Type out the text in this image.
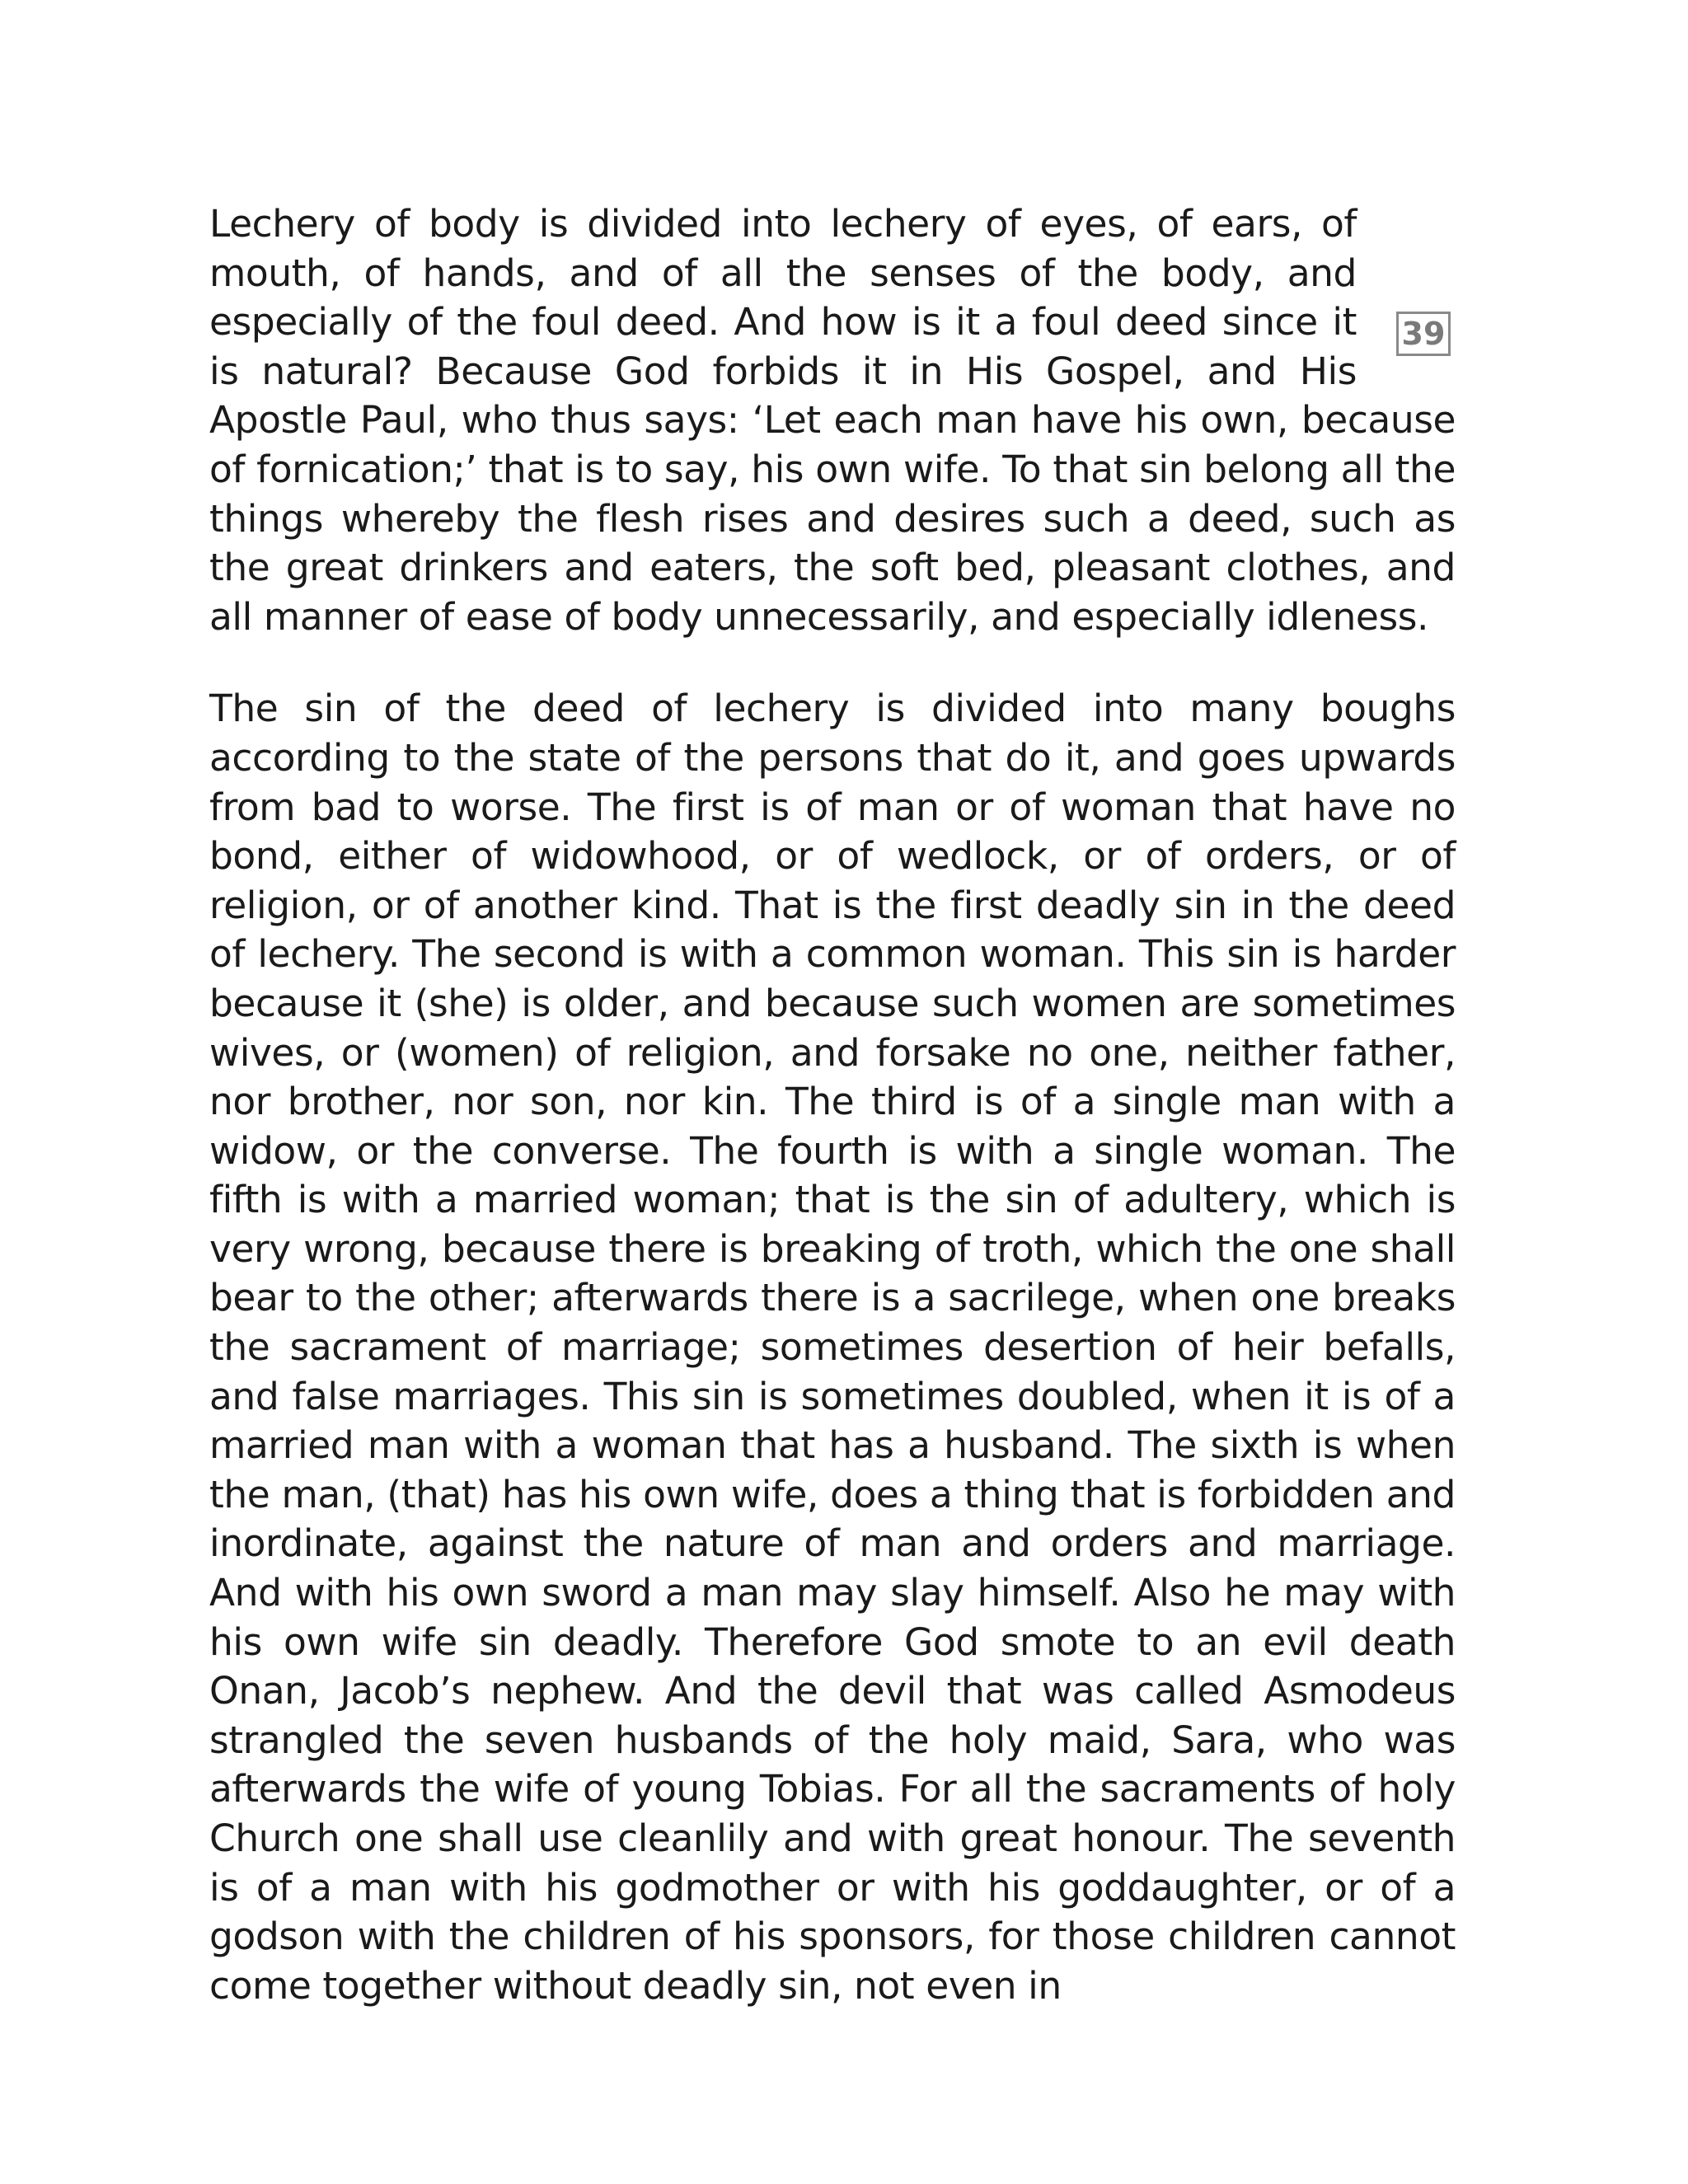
Lechery of body is divided into lechery of eyes, of ears, of mouth, of hands, and of all the senses of the body, and especially of the foul deed. And how is it a foul deed since it is natural? Because God forbids it in His Gospel, and His Apostle Paul, who thus says: ‘Let each man have his own, because of fornication;’ that is to say, his own wife. To that sin belong all the things whereby the flesh rises and desires such a deed, such as the great drinkers and eaters, the soft bed, pleasant clothes, and all manner of ease of body unnecessarily, and especially idleness.

The sin of the deed of lechery is divided into many boughs according to the state of the persons that do it, and goes upwards from bad to worse. The first is of man or of woman that have no bond, either of widowhood, or of wedlock, or of orders, or of religion, or of another kind. That is the first deadly sin in the deed of lechery. The second is with a common woman. This sin is harder because it (she) is older, and because such women are sometimes wives, or (women) of religion, and forsake no one, neither father, nor brother, nor son, nor kin. The third is of a single man with a widow, or the converse. The fourth is with a single woman. The fifth is with a married woman; that is the sin of adultery, which is very wrong, because there is breaking of troth, which the one shall bear to the other; afterwards there is a sacrilege, when one breaks the sacrament of marriage; sometimes desertion of heir befalls, and false marriages. This sin is sometimes doubled, when it is of a married man with a woman that has a husband. The sixth is when the man, (that) has his own wife, does a thing that is forbidden and inordinate, against the nature of man and orders and marriage. And with his own sword a man may slay himself. Also he may with his own wife sin deadly. Therefore God smote to an evil death Onan, Jacob’s nephew. And the devil that was called Asmodeus strangled the seven husbands of the holy maid, Sara, who was afterwards the wife of young Tobias. For all the sacraments of holy Church one shall use cleanlily and with great honour. The seventh is of a man with his godmother or with his goddaughter, or of a godson with the children of his sponsors, for those children cannot come together without deadly sin, not even in

39
